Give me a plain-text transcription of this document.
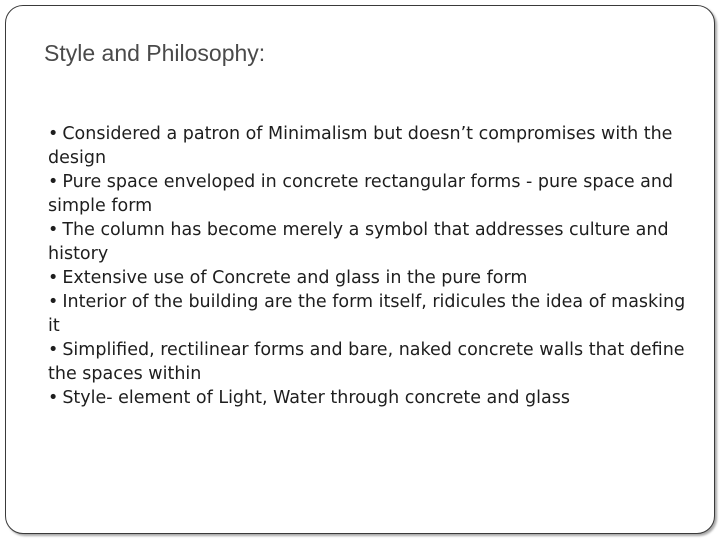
Style and Philosophy:
• Considered a patron of Minimalism but doesn’t compromises with the design
• Pure space enveloped in concrete rectangular forms - pure space and simple form
• The column has become merely a symbol that addresses culture and history
• Extensive use of Concrete and glass in the pure form
• Interior of the building are the form itself, ridicules the idea of masking it
• Simplified, rectilinear forms and bare, naked concrete walls that define the spaces within
• Style- element of Light, Water through concrete and glass
